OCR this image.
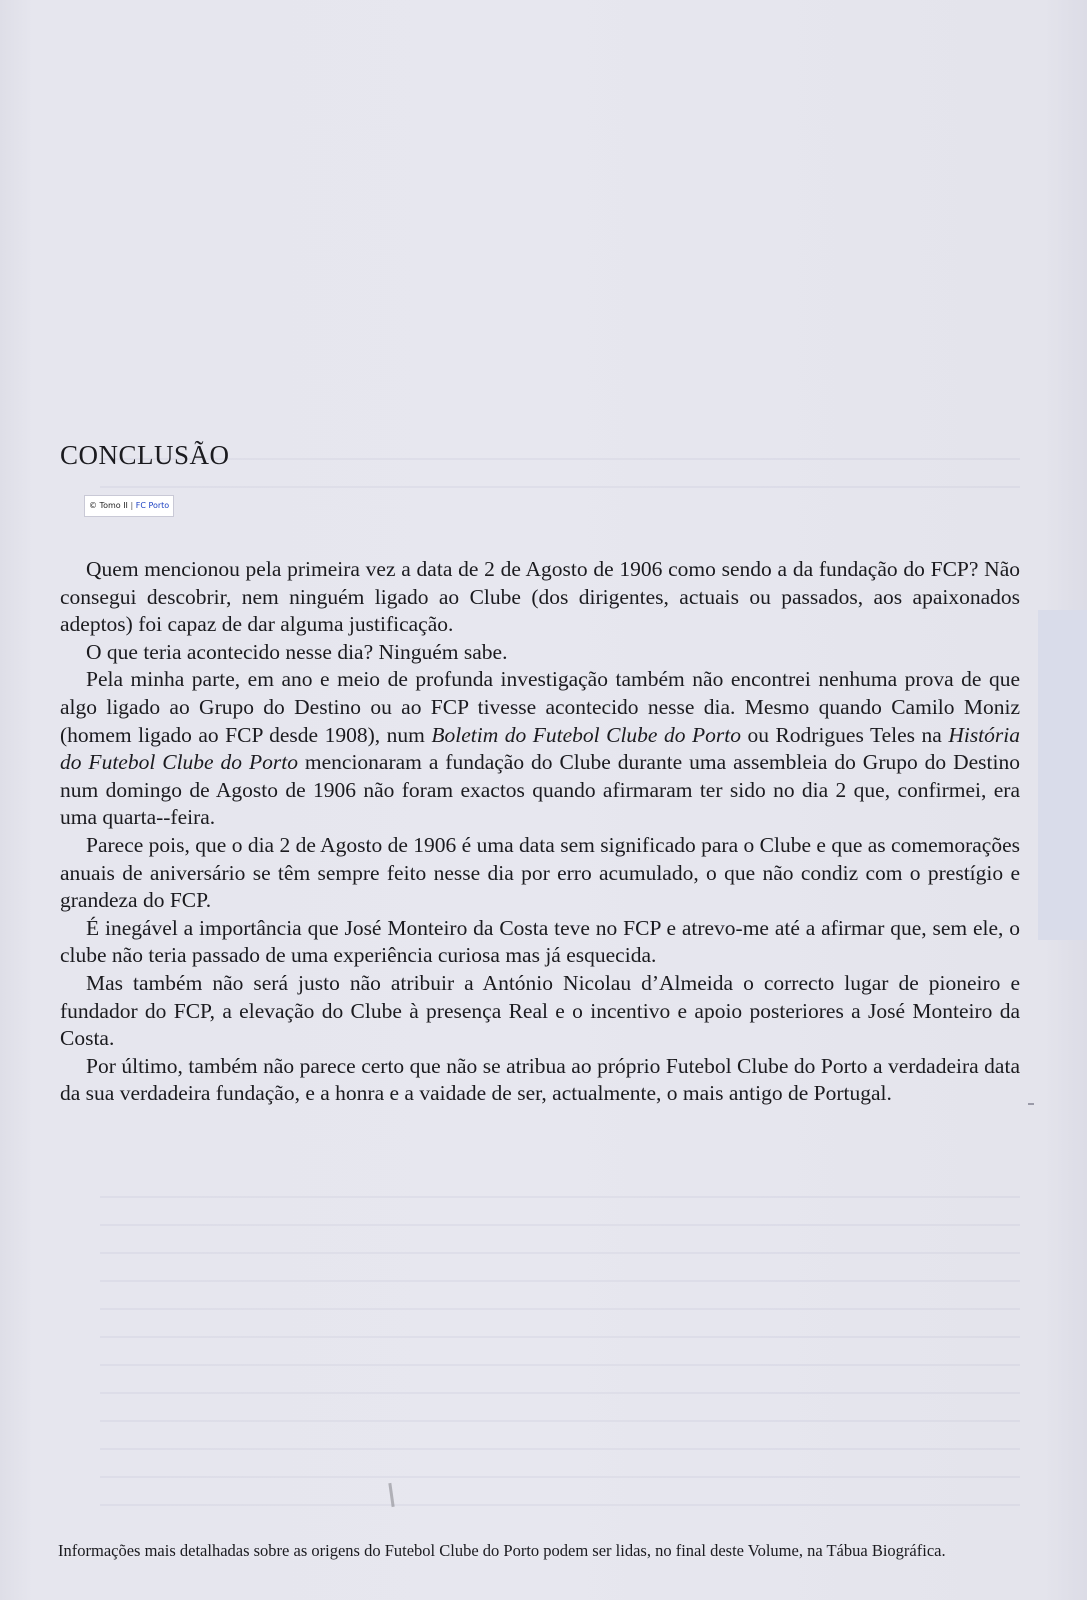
CONCLUSÃO
© Tomo II | FC Porto

Quem mencionou pela primeira vez a data de 2 de Agosto de 1906 como sendo a da fundação do FCP? Não consegui descobrir, nem ninguém ligado ao Clube (dos dirigentes, actuais ou passados, aos apaixonados adeptos) foi capaz de dar alguma justificação.

O que teria acontecido nesse dia? Ninguém sabe.

Pela minha parte, em ano e meio de profunda investigação também não encontrei nenhuma prova de que algo ligado ao Grupo do Destino ou ao FCP tivesse acontecido nesse dia. Mesmo quando Camilo Moniz (homem ligado ao FCP desde 1908), num Boletim do Futebol Clube do Porto ou Rodrigues Teles na História do Futebol Clube do Porto mencionaram a fundação do Clube durante uma assembleia do Grupo do Destino num domingo de Agosto de 1906 não foram exactos quando afirmaram ter sido no dia 2 que, confirmei, era uma quarta-‑feira.

Parece pois, que o dia 2 de Agosto de 1906 é uma data sem significado para o Clube e que as comemorações anuais de aniversário se têm sempre feito nesse dia por erro acumulado, o que não condiz com o prestígio e grandeza do FCP.

É inegável a importância que José Monteiro da Costa teve no FCP e atrevo-me até a afirmar que, sem ele, o clube não teria passado de uma experiência curiosa mas já esquecida.

Mas também não será justo não atribuir a António Nicolau d’Almeida o correcto lugar de pioneiro e fundador do FCP, a elevação do Clube à presença Real e o incentivo e apoio posteriores a José Monteiro da Costa.

Por último, também não parece certo que não se atribua ao próprio Futebol Clube do Porto a verdadeira data da sua verdadeira fundação, e a honra e a vaidade de ser, actualmente, o mais antigo de Portugal.

Informações mais detalhadas sobre as origens do Futebol Clube do Porto podem ser lidas, no final deste Volume, na Tábua Biográfica.
